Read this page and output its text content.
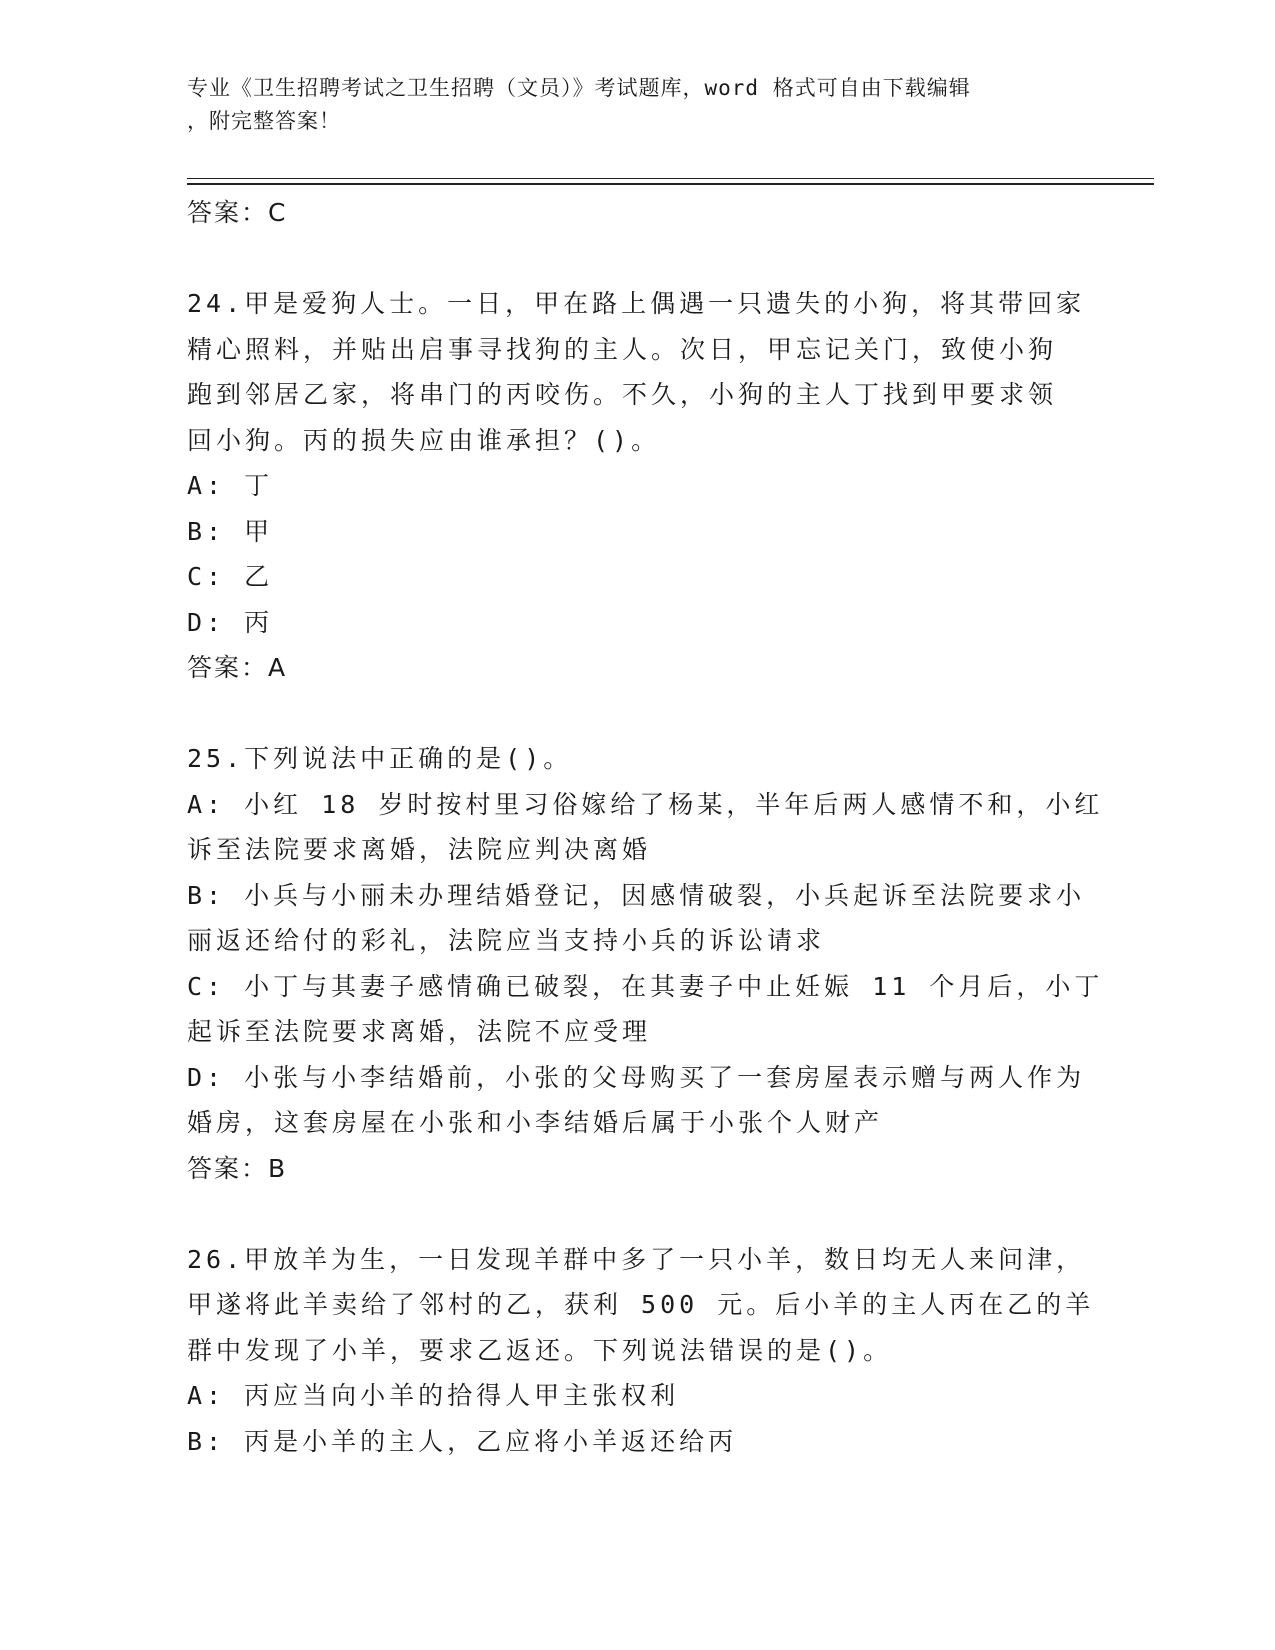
专业《卫生招聘考试之卫生招聘（文员）》考试题库，word 格式可自由下载编辑
，附完整答案！
答案：C
24.甲是爱狗人士。一日，甲在路上偶遇一只遗失的小狗，将其带回家
精心照料，并贴出启事寻找狗的主人。次日，甲忘记关门，致使小狗
跑到邻居乙家，将串门的丙咬伤。不久，小狗的主人丁找到甲要求领
回小狗。丙的损失应由谁承担？()。
A: 丁
B: 甲
C: 乙
D: 丙
答案：A
25.下列说法中正确的是()。
A: 小红 18 岁时按村里习俗嫁给了杨某，半年后两人感情不和，小红
诉至法院要求离婚，法院应判决离婚
B: 小兵与小丽未办理结婚登记，因感情破裂，小兵起诉至法院要求小
丽返还给付的彩礼，法院应当支持小兵的诉讼请求
C: 小丁与其妻子感情确已破裂，在其妻子中止妊娠 11 个月后，小丁
起诉至法院要求离婚，法院不应受理
D: 小张与小李结婚前，小张的父母购买了一套房屋表示赠与两人作为
婚房，这套房屋在小张和小李结婚后属于小张个人财产
答案：B
26.甲放羊为生，一日发现羊群中多了一只小羊，数日均无人来问津，
甲遂将此羊卖给了邻村的乙，获利 500 元。后小羊的主人丙在乙的羊
群中发现了小羊，要求乙返还。下列说法错误的是()。
A: 丙应当向小羊的拾得人甲主张权利
B: 丙是小羊的主人，乙应将小羊返还给丙
